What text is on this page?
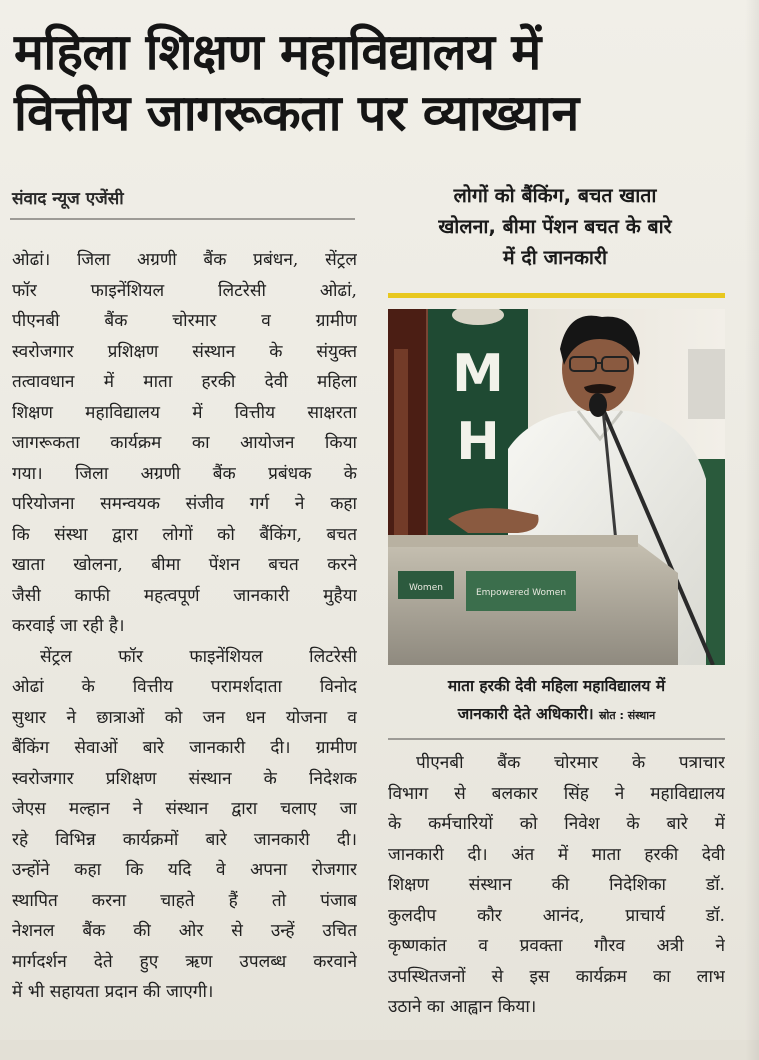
महिला शिक्षण महाविद्यालय में
वित्तीय जागरूकता पर व्याख्यान
संवाद न्यूज एजेंसी

ओढां। जिला अग्रणी बैंक प्रबंधन, सेंट्रल
फॉर फाइनेंशियल लिटरेसी ओढां,
पीएनबी बैंक चोरमार व ग्रामीण
स्वरोजगार प्रशिक्षण संस्थान के संयुक्त
तत्वावधान में माता हरकी देवी महिला
शिक्षण महाविद्यालय में वित्तीय साक्षरता
जागरूकता कार्यक्रम का आयोजन किया
गया। जिला अग्रणी बैंक प्रबंधक के
परियोजना समन्वयक संजीव गर्ग ने कहा
कि संस्था द्वारा लोगों को बैंकिंग, बचत
खाता खोलना, बीमा पेंशन बचत करने
जैसी काफी महत्वपूर्ण जानकारी मुहैया
करवाई जा रही है।

सेंट्रल फॉर फाइनेंशियल लिटरेसी
ओढां के वित्तीय परामर्शदाता विनोद
सुथार ने छात्राओं को जन धन योजना व
बैंकिंग सेवाओं बारे जानकारी दी। ग्रामीण
स्वरोजगार प्रशिक्षण संस्थान के निदेशक
जेएस मल्हान ने संस्थान द्वारा चलाए जा
रहे विभिन्न कार्यक्रमों बारे जानकारी दी।
उन्होंने कहा कि यदि वे अपना रोजगार
स्थापित करना चाहते हैं तो पंजाब
नेशनल बैंक की ओर से उन्हें उचित
मार्गदर्शन देते हुए ऋण उपलब्ध करवाने
में भी सहायता प्रदान की जाएगी।

लोगों को बैंकिंग, बचत खाता
खोलना, बीमा पेंशन बचत के बारे
में दी जानकारी
M
H
Women	Empowered Women
माता हरकी देवी महिला महाविद्यालय में
जानकारी देते अधिकारी। स्रोत : संस्थान

पीएनबी बैंक चोरमार के पत्राचार
विभाग से बलकार सिंह ने महाविद्यालय
के कर्मचारियों को निवेश के बारे में
जानकारी दी। अंत में माता हरकी देवी
शिक्षण संस्थान की निदेशिका डॉ.
कुलदीप कौर आनंद, प्राचार्य डॉ.
कृष्णकांत व प्रवक्ता गौरव अत्री ने
उपस्थितजनों से इस कार्यक्रम का लाभ
उठाने का आह्वान किया।
